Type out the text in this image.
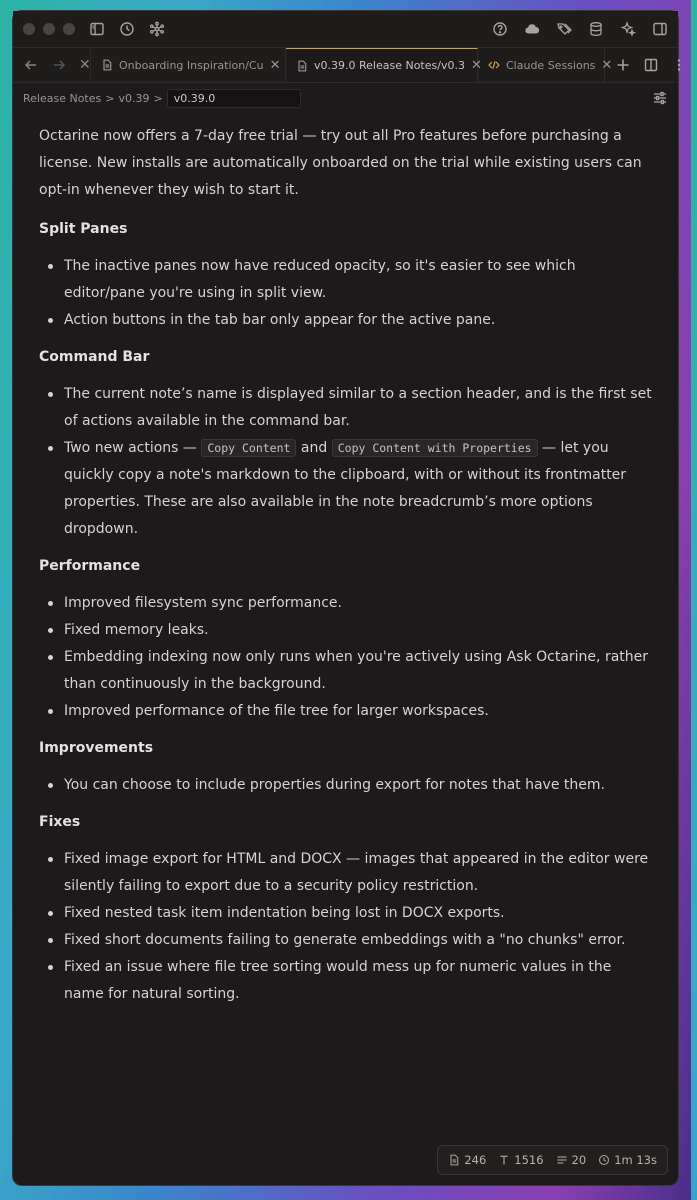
✕	Onboarding Inspiration/Cu ✕	v0.39.0 Release Notes/v0.3 ✕ Claude Sessions ✕
Release Notes > v0.39 >	v0.39.0

Octarine now offers a 7-day free trial — try out all Pro features before purchasing a license. New installs are automatically onboarded on the trial while existing users can opt-in whenever they wish to start it.

Split Panes
The inactive panes now have reduced opacity, so it's easier to see which editor/pane you're using in split view.
Action buttons in the tab bar only appear for the active pane.
Command Bar
The current note’s name is displayed similar to a section header, and is the first set of actions available in the command bar.
Two new actions — Copy Content and Copy Content with Properties — let you quickly copy a note's markdown to the clipboard, with or without its frontmatter properties. These are also available in the note breadcrumb’s more options dropdown.
Performance
Improved filesystem sync performance.
Fixed memory leaks.
Embedding indexing now only runs when you're actively using Ask Octarine, rather than continuously in the background.
Improved performance of the file tree for larger workspaces.
Improvements
You can choose to include properties during export for notes that have them.
Fixes
Fixed image export for HTML and DOCX — images that appeared in the editor were silently failing to export due to a security policy restriction.
Fixed nested task item indentation being lost in DOCX exports.
Fixed short documents failing to generate embeddings with a "no chunks" error.
Fixed an issue where file tree sorting would mess up for numeric values in the name for natural sorting.
246 1516 20 1m 13s
